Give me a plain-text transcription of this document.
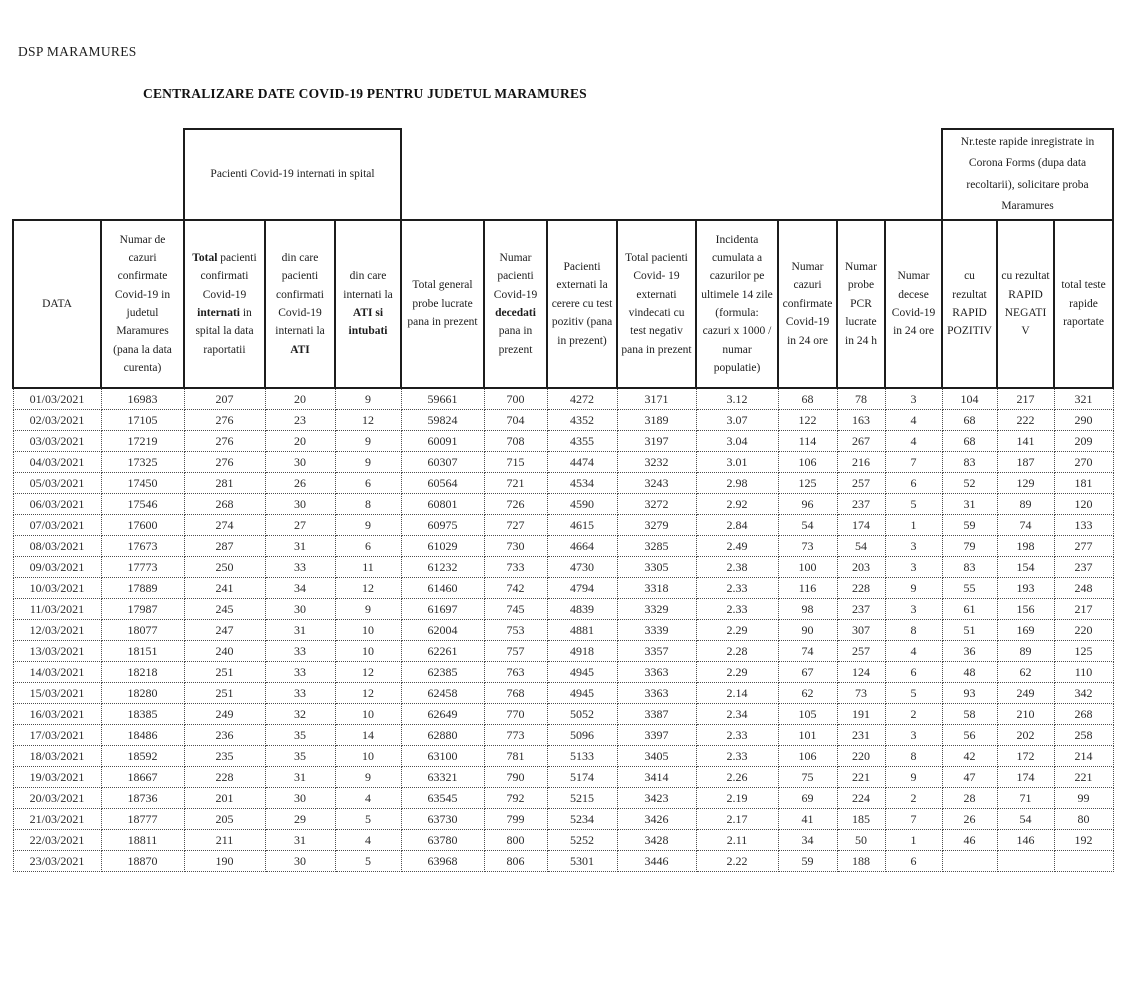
DSP MARAMURES
CENTRALIZARE DATE COVID-19 PENTRU JUDETUL MARAMURES
		Pacienti Covid-19 internati in spital											Nr.teste rapide inregistrate in Corona Forms (dupa data recoltarii), solicitare proba Maramures		
DATA	Numar de cazuri confirmate Covid-19 in judetul Maramures (pana la data curenta)	Total pacienti confirmati Covid-19 internati in spital la data raportatii	din care pacienti confirmati Covid-19 internati la ATI	din care internati la ATI si intubati	Total general probe lucrate pana in prezent	Numar pacienti Covid-19 decedati pana in prezent	Pacienti externati la cerere cu test pozitiv (pana in prezent)	Total pacienti Covid- 19 externati vindecati cu test negativ pana in prezent	Incidenta cumulata a cazurilor pe ultimele 14 zile (formula: cazuri x 1000 / numar populatie)	Numar cazuri confirmate Covid-19 in 24 ore	Numar probe PCR lucrate in 24 h	Numar decese Covid-19 in 24 ore	cu rezultat RAPID POZITIV	cu rezultat RAPID NEGATIV	total teste rapide raportate
01/03/2021	16983	207	20	9	59661	700	4272	3171	3.12	68	78	3	104	217	321
02/03/2021	17105	276	23	12	59824	704	4352	3189	3.07	122	163	4	68	222	290
03/03/2021	17219	276	20	9	60091	708	4355	3197	3.04	114	267	4	68	141	209
04/03/2021	17325	276	30	9	60307	715	4474	3232	3.01	106	216	7	83	187	270
05/03/2021	17450	281	26	6	60564	721	4534	3243	2.98	125	257	6	52	129	181
06/03/2021	17546	268	30	8	60801	726	4590	3272	2.92	96	237	5	31	89	120
07/03/2021	17600	274	27	9	60975	727	4615	3279	2.84	54	174	1	59	74	133
08/03/2021	17673	287	31	6	61029	730	4664	3285	2.49	73	54	3	79	198	277
09/03/2021	17773	250	33	11	61232	733	4730	3305	2.38	100	203	3	83	154	237
10/03/2021	17889	241	34	12	61460	742	4794	3318	2.33	116	228	9	55	193	248
11/03/2021	17987	245	30	9	61697	745	4839	3329	2.33	98	237	3	61	156	217
12/03/2021	18077	247	31	10	62004	753	4881	3339	2.29	90	307	8	51	169	220
13/03/2021	18151	240	33	10	62261	757	4918	3357	2.28	74	257	4	36	89	125
14/03/2021	18218	251	33	12	62385	763	4945	3363	2.29	67	124	6	48	62	110
15/03/2021	18280	251	33	12	62458	768	4945	3363	2.14	62	73	5	93	249	342
16/03/2021	18385	249	32	10	62649	770	5052	3387	2.34	105	191	2	58	210	268
17/03/2021	18486	236	35	14	62880	773	5096	3397	2.33	101	231	3	56	202	258
18/03/2021	18592	235	35	10	63100	781	5133	3405	2.33	106	220	8	42	172	214
19/03/2021	18667	228	31	9	63321	790	5174	3414	2.26	75	221	9	47	174	221
20/03/2021	18736	201	30	4	63545	792	5215	3423	2.19	69	224	2	28	71	99
21/03/2021	18777	205	29	5	63730	799	5234	3426	2.17	41	185	7	26	54	80
22/03/2021	18811	211	31	4	63780	800	5252	3428	2.11	34	50	1	46	146	192
23/03/2021	18870	190	30	5	63968	806	5301	3446	2.22	59	188	6			
